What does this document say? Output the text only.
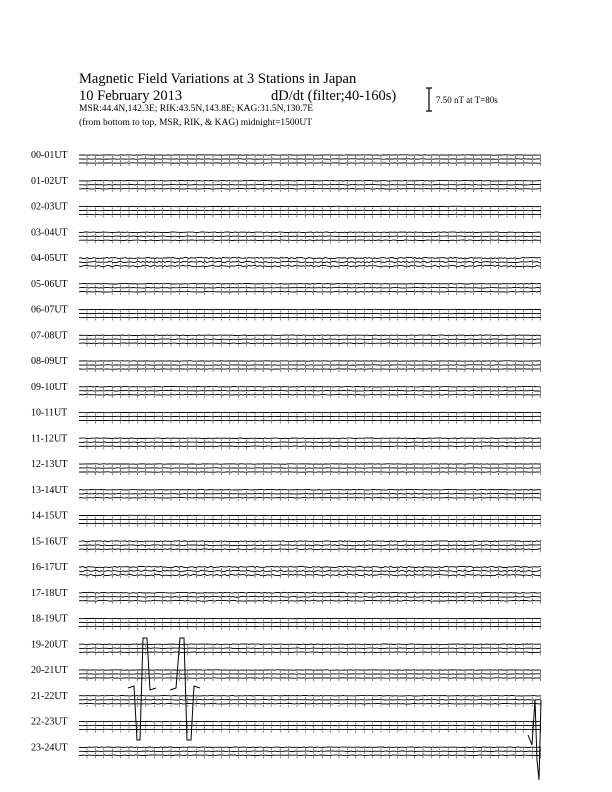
Magnetic Field Variations at 3 Stations in Japan
10 February 2013	dD/dt (filter;40-160s)
MSR:44.4N,142.3E; RIK:43.5N,143.8E; KAG:31.5N,130.7E
(from bottom to top, MSR, RIK, & KAG) midnight=1500UT
7.50 nT at T=80s
00-01UT
01-02UT
02-03UT
03-04UT
04-05UT
05-06UT
06-07UT
07-08UT
08-09UT
09-10UT
10-11UT
11-12UT
12-13UT
13-14UT
14-15UT
15-16UT
16-17UT
17-18UT
18-19UT
19-20UT
20-21UT
21-22UT
22-23UT
23-24UT
